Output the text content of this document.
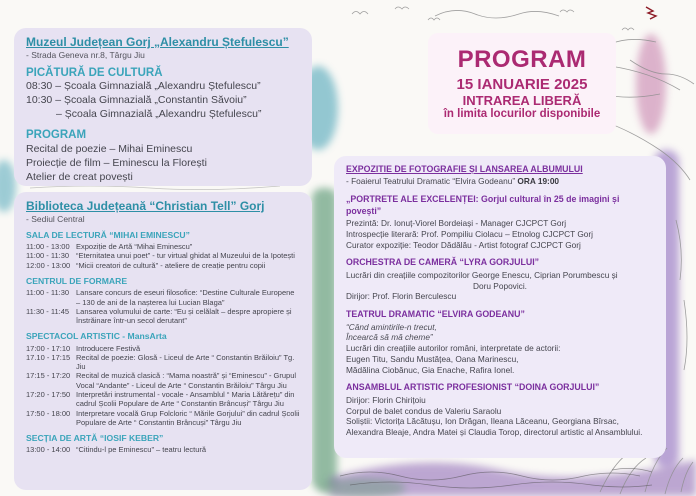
Muzeul Județean Gorj „Alexandru Ștefulescu”
- Strada Geneva nr.8, Târgu Jiu
PICĂTURĂ DE CULTURĂ
08:30 – Școala Gimnazială „Alexandru Ștefulescu”
10:30 – Școala Gimnazială „Constantin Săvoiu”
– Școala Gimnazială „Alexandru Ștefulescu”
PROGRAM
Recital de poezie – Mihai Eminescu
Proiecție de film – Eminescu la Florești
Atelier de creat povești
Biblioteca Județeană “Christian Tell” Gorj
- Sediul Central
SALA DE LECTURĂ “MIHAI EMINESCU”
11:00 - 13:00 Expoziție de Artă “Mihai Eminescu”
11:00 - 11:30 “Eternitatea unui poet” - tur virtual ghidat al Muzeului de la Ipotești
12:00 - 13:00 “Micii creatori de cultură” - ateliere de creație pentru copii
CENTRUL DE FORMARE
11:00 - 11:30 Lansare concurs de eseuri filosofice: “Destine Culturale Europene – 130 de ani de la nașterea lui Lucian Blaga”
11:30 - 11:45 Lansarea volumului de carte: “Eu și celălalt – despre apropiere și înstrăinare într-un secol derutant”
SPECTACOL ARTISTIC - MansArta
17:00 - 17:10 Introducere Festivă
17.10 - 17:15 Recital de poezie: Glosă - Liceul de Arte “ Constantin Brăiloiu” Tg. Jiu
17:15 - 17:20 Recital de muzică clasică : “Mama noastră” și “Eminescu” - Grupul Vocal “Andante” - Liceul de Arte “ Constantin Brăiloiu” Târgu Jiu
17:20 - 17:50 Interpretări instrumental - vocale - Ansamblul “ Maria Lătărețu” din cadrul Școlii Populare de Arte “ Constantin Brâncuși” Târgu Jiu
17:50 - 18:00 Interpretare vocală Grup Folcloric “ Mările Gorjului” din cadrul Școlii Populare de Arte “ Constantin Brâncuși” Târgu Jiu
SECȚIA DE ARTĂ “IOSIF KEBER”
13:00 - 14:00 “Citindu-l pe Eminescu” – teatru lectură
PROGRAM
15 IANUARIE 2025
INTRAREA LIBERĂ
în limita locurilor disponibile
EXPOZITIE DE FOTOGRAFIE ȘI LANSAREA ALBUMULUI
- Foaierul Teatrului Dramatic “Elvira Godeanu” ORA 19:00
„PORTRETE ALE EXCELENȚEI: Gorjul cultural în 25 de imagini și povești”
Prezintă: Dr. Ionuț-Viorel Bordeiași - Manager CJCPCT Gorj
Introspecție literară: Prof. Pompiliu Ciolacu – Etnolog CJCPCT Gorj
Curator expoziție: Teodor Dădălău - Artist fotograf CJCPCT Gorj
ORCHESTRA DE CAMERĂ “LYRA GORJULUI”
Lucrări din creațiile compozitorilor George Enescu, Ciprian Porumbescu și
Doru Popovici.
Dirijor: Prof. Florin Berculescu
TEATRUL DRAMATIC “ELVIRA GODEANU”
“Când amintirile-n trecut,
Încearcă să mă cheme”
Lucrări din creațiile autorilor români, interpretate de actorii:
Eugen Titu, Sandu Mustățea, Oana Marinescu,
Mădălina Ciobănuc, Gia Enache, Rafira Ionel.
ANSAMBLUL ARTISTIC PROFESIONIST “DOINA GORJULUI”
Dirijor: Florin Chirițoiu
Corpul de balet condus de Valeriu Saraolu
Soliștii: Victorița Lăcătușu, Ion Drăgan, Ileana Lăceanu, Georgiana Bîrsac, Alexandra Bleaje, Andra Matei și Claudia Torop, directorul artistic al Ansamblului.
